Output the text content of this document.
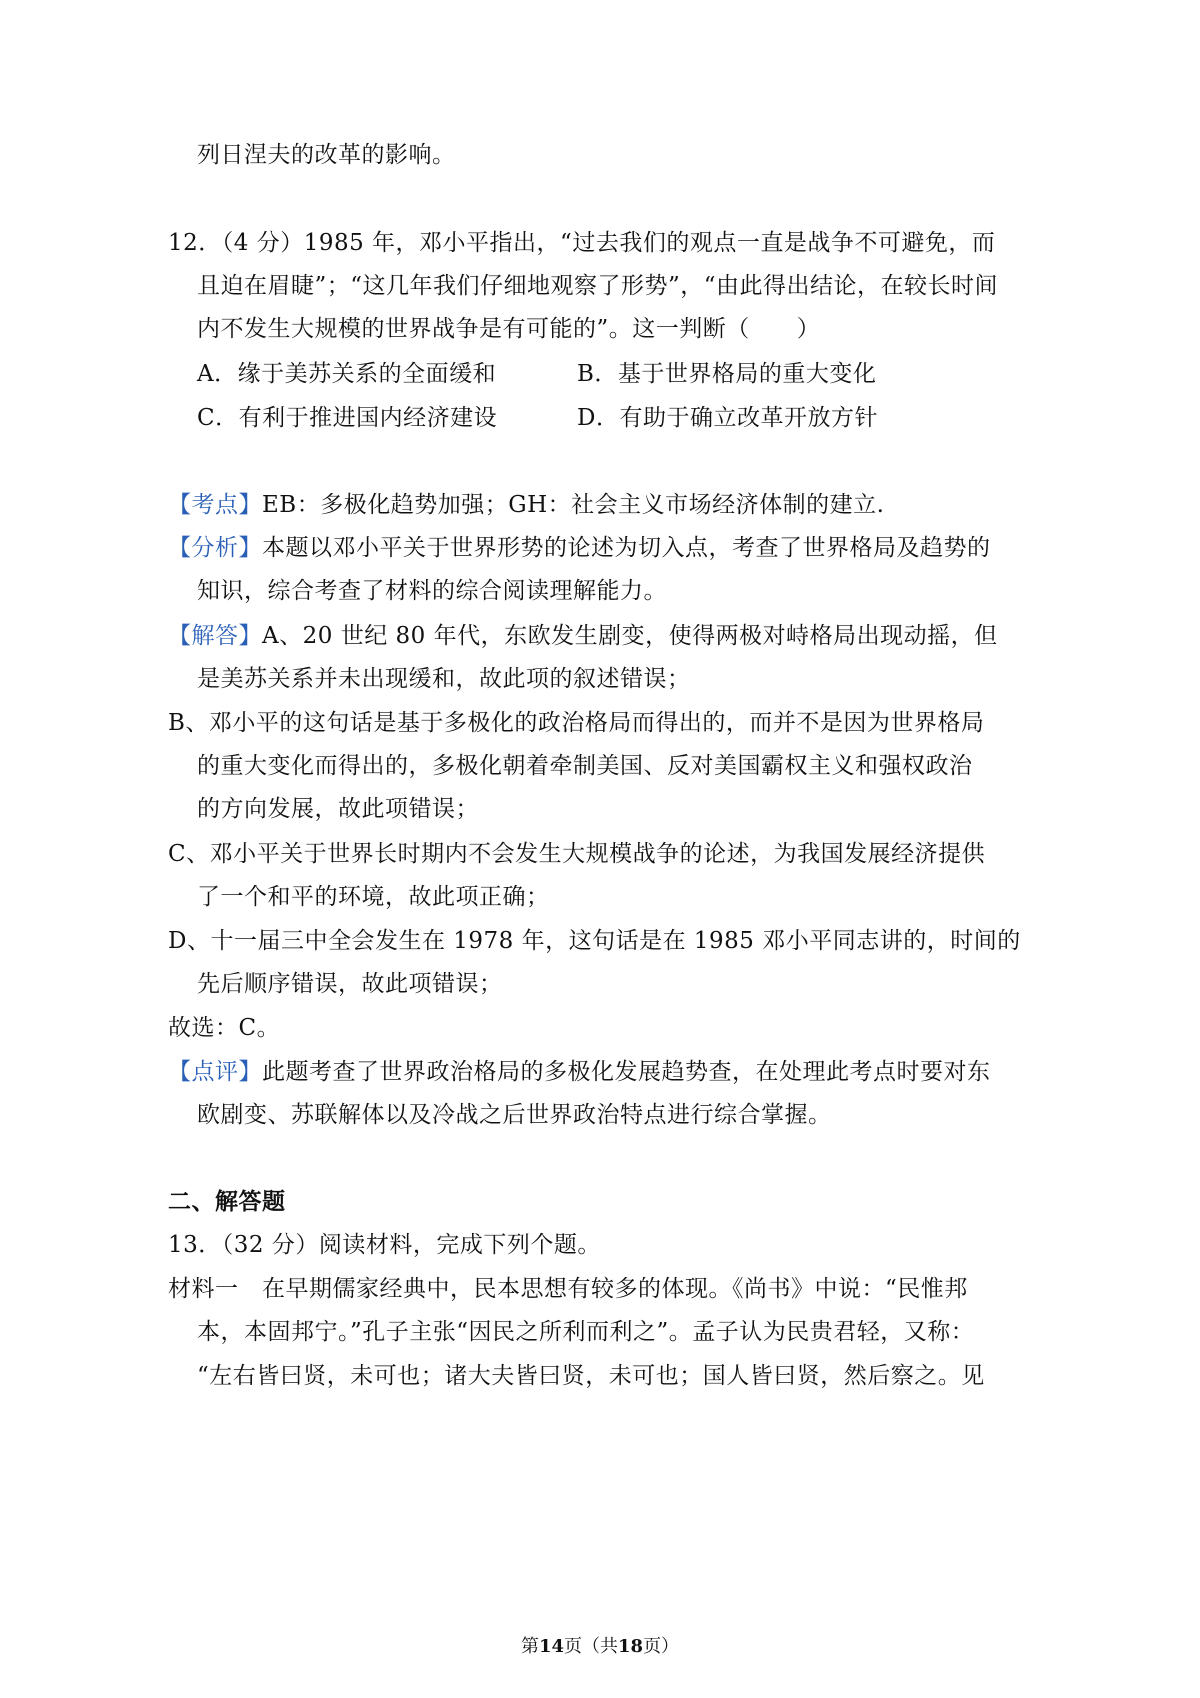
列日涅夫的改革的影响。
12．（4 分）1985 年，邓小平指出，“过去我们的观点一直是战争不可避免，而
且迫在眉睫”；“这几年我们仔细地观察了形势”，“由此得出结论，在较长时间
内不发生大规模的世界战争是有可能的”。这一判断（　　）
A．缘于美苏关系的全面缓和	B．基于世界格局的重大变化
C．有利于推进国内经济建设	D．有助于确立改革开放方针
【考点】EB：多极化趋势加强；GH：社会主义市场经济体制的建立.
【分析】本题以邓小平关于世界形势的论述为切入点，考查了世界格局及趋势的
知识，综合考查了材料的综合阅读理解能力。
【解答】A、20 世纪 80 年代，东欧发生剧变，使得两极对峙格局出现动摇，但
是美苏关系并未出现缓和，故此项的叙述错误；
B、邓小平的这句话是基于多极化的政治格局而得出的，而并不是因为世界格局
的重大变化而得出的，多极化朝着牵制美国、反对美国霸权主义和强权政治
的方向发展，故此项错误；
C、邓小平关于世界长时期内不会发生大规模战争的论述，为我国发展经济提供
了一个和平的环境，故此项正确；
D、十一届三中全会发生在 1978 年，这句话是在 1985 邓小平同志讲的，时间的
先后顺序错误，故此项错误；
故选：C。
【点评】此题考查了世界政治格局的多极化发展趋势查，在处理此考点时要对东
欧剧变、苏联解体以及冷战之后世界政治特点进行综合掌握。
二、解答题
13．（32 分）阅读材料，完成下列个题。
材料一　在早期儒家经典中，民本思想有较多的体现。《尚书》中说：“民惟邦
本，本固邦宁。”孔子主张“因民之所利而利之”。孟子认为民贵君轻，又称：
“左右皆曰贤，未可也；诸大夫皆曰贤，未可也；国人皆曰贤，然后察之。见
第14页（共18页）
